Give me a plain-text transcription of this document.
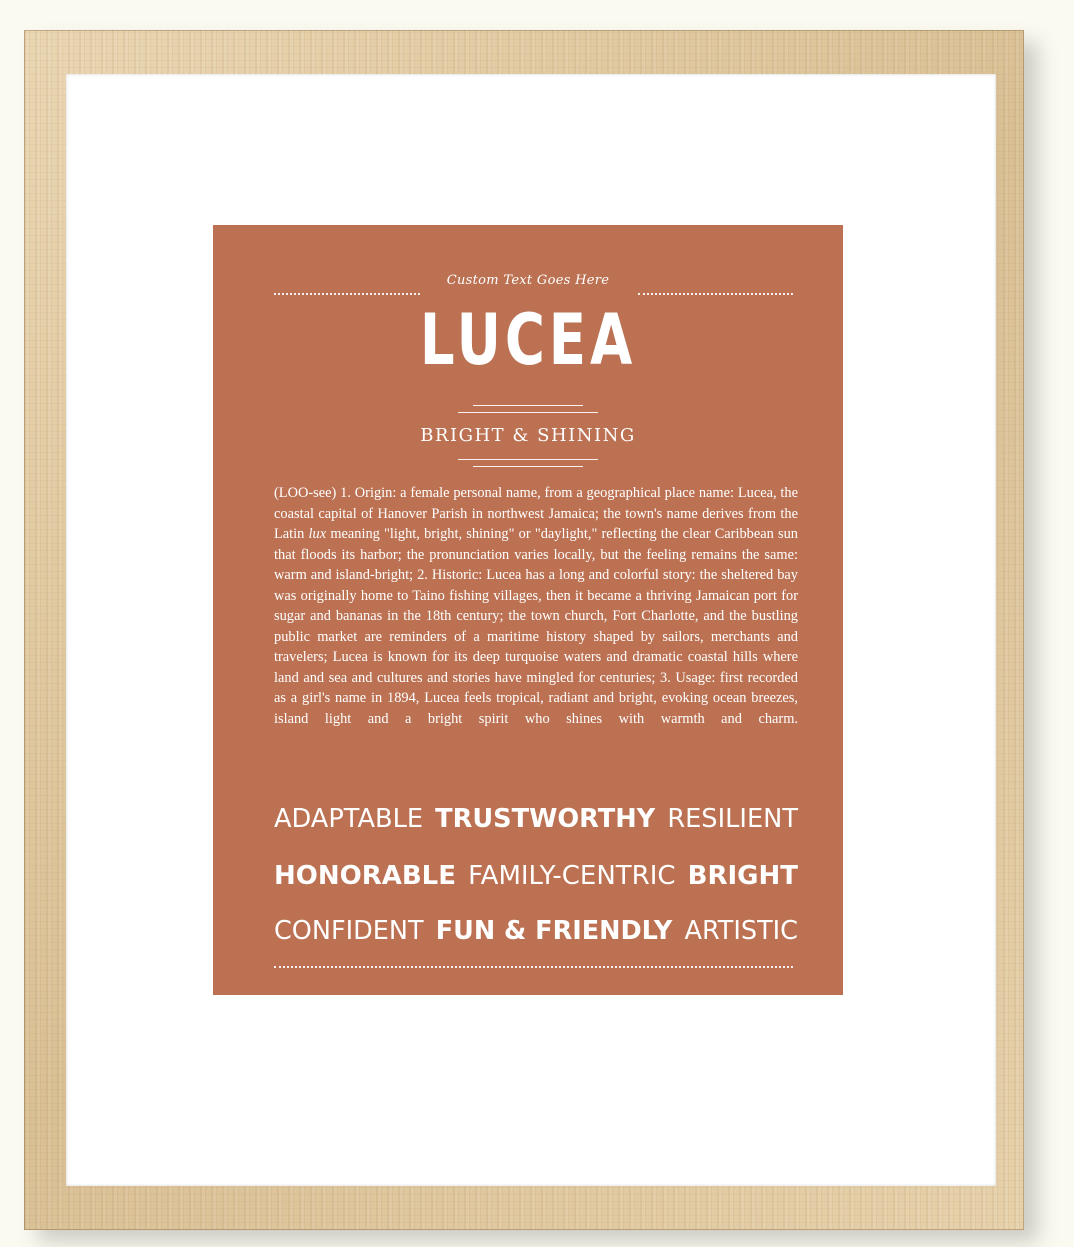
Custom Text Goes Here
LUCEA
BRIGHT & SHINING
(LOO-see) 1. Origin: a female personal name, from a geographical place name: Lucea, the coastal capital of Hanover Parish in northwest Jamaica; the town's name derives from the Latin lux meaning "light, bright, shining" or "daylight," reflecting the clear Caribbean sun that floods its harbor; the pronunciation varies locally, but the feeling remains the same: warm and island-bright; 2. Historic: Lucea has a long and colorful story: the sheltered bay was originally home to Taino fishing villages, then it became a thriving Jamaican port for sugar and bananas in the 18th century; the town church, Fort Charlotte, and the bustling public market are reminders of a maritime history shaped by sailors, merchants and travelers; Lucea is known for its deep turquoise waters and dramatic coastal hills where land and sea and cultures and stories have mingled for centuries; 3. Usage: first recorded as a girl's name in 1894, Lucea feels tropical, radiant and bright, evoking ocean breezes, island light and a bright spirit who shines with warmth and charm.
ADAPTABLE TRUSTWORTHY RESILIENT
HONORABLE FAMILY-CENTRIC BRIGHT
CONFIDENT FUN & FRIENDLY ARTISTIC
